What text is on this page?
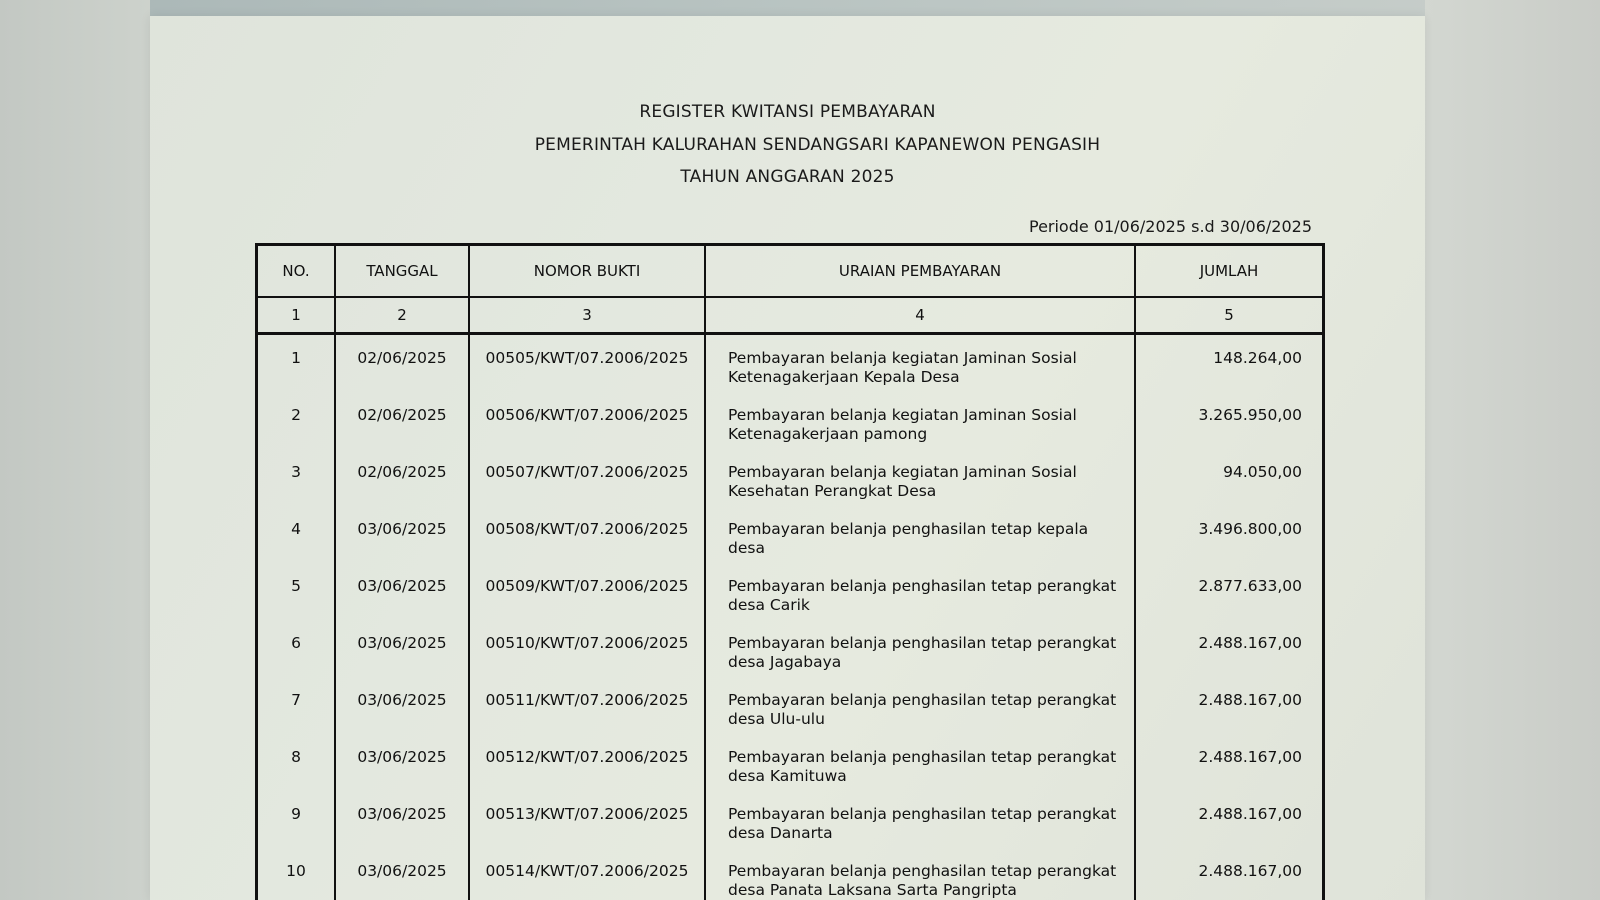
REGISTER KWITANSI PEMBAYARAN
PEMERINTAH KALURAHAN SENDANGSARI KAPANEWON PENGASIH
TAHUN ANGGARAN 2025
Periode 01/06/2025 s.d 30/06/2025
NO.	TANGGAL	NOMOR BUKTI	URAIAN PEMBAYARAN	JUMLAH
1	2	3	4	5
1	02/06/2025	00505/KWT/07.2006/2025	Pembayaran belanja kegiatan Jaminan Sosial Ketenagakerjaan Kepala Desa	148.264,00
2	02/06/2025	00506/KWT/07.2006/2025	Pembayaran belanja kegiatan Jaminan Sosial Ketenagakerjaan pamong	3.265.950,00
3	02/06/2025	00507/KWT/07.2006/2025	Pembayaran belanja kegiatan Jaminan Sosial Kesehatan Perangkat Desa	94.050,00
4	03/06/2025	00508/KWT/07.2006/2025	Pembayaran belanja penghasilan tetap kepala desa	3.496.800,00
5	03/06/2025	00509/KWT/07.2006/2025	Pembayaran belanja penghasilan tetap perangkat desa Carik	2.877.633,00
6	03/06/2025	00510/KWT/07.2006/2025	Pembayaran belanja penghasilan tetap perangkat desa Jagabaya	2.488.167,00
7	03/06/2025	00511/KWT/07.2006/2025	Pembayaran belanja penghasilan tetap perangkat desa Ulu-ulu	2.488.167,00
8	03/06/2025	00512/KWT/07.2006/2025	Pembayaran belanja penghasilan tetap perangkat desa Kamituwa	2.488.167,00
9	03/06/2025	00513/KWT/07.2006/2025	Pembayaran belanja penghasilan tetap perangkat desa Danarta	2.488.167,00
10	03/06/2025	00514/KWT/07.2006/2025	Pembayaran belanja penghasilan tetap perangkat desa Panata Laksana Sarta Pangripta	2.488.167,00
